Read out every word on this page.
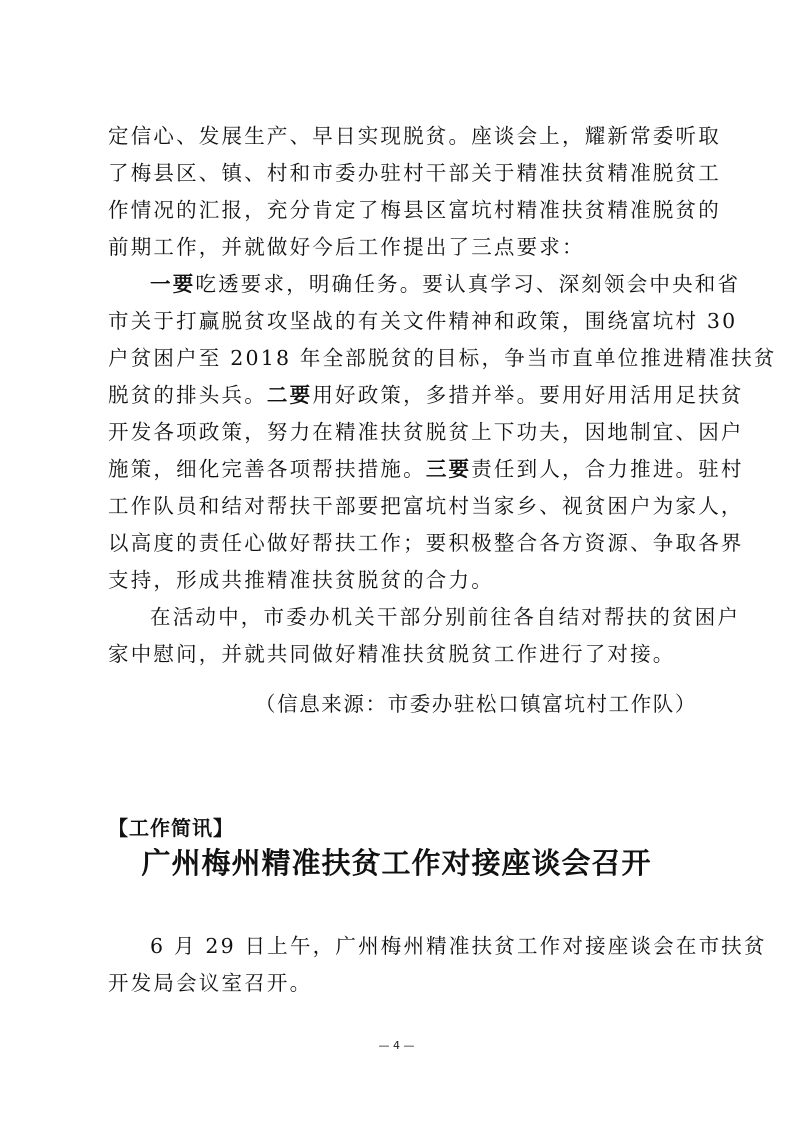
定信心、发展生产、早日实现脱贫。座谈会上，耀新常委听取
了梅县区、镇、村和市委办驻村干部关于精准扶贫精准脱贫工
作情况的汇报，充分肯定了梅县区富坑村精准扶贫精准脱贫的
前期工作，并就做好今后工作提出了三点要求：
一要吃透要求，明确任务。要认真学习、深刻领会中央和省
市关于打赢脱贫攻坚战的有关文件精神和政策，围绕富坑村 30
户贫困户至 2018 年全部脱贫的目标，争当市直单位推进精准扶贫
脱贫的排头兵。二要用好政策，多措并举。要用好用活用足扶贫
开发各项政策，努力在精准扶贫脱贫上下功夫，因地制宜、因户
施策，细化完善各项帮扶措施。三要责任到人，合力推进。驻村
工作队员和结对帮扶干部要把富坑村当家乡、视贫困户为家人，
以高度的责任心做好帮扶工作；要积极整合各方资源、争取各界
支持，形成共推精准扶贫脱贫的合力。
在活动中，市委办机关干部分别前往各自结对帮扶的贫困户
家中慰问，并就共同做好精准扶贫脱贫工作进行了对接。
（信息来源：市委办驻松口镇富坑村工作队）
【工作简讯】
广州梅州精准扶贫工作对接座谈会召开
6 月 29 日上午，广州梅州精准扶贫工作对接座谈会在市扶贫
开发局会议室召开。
— 4 —
